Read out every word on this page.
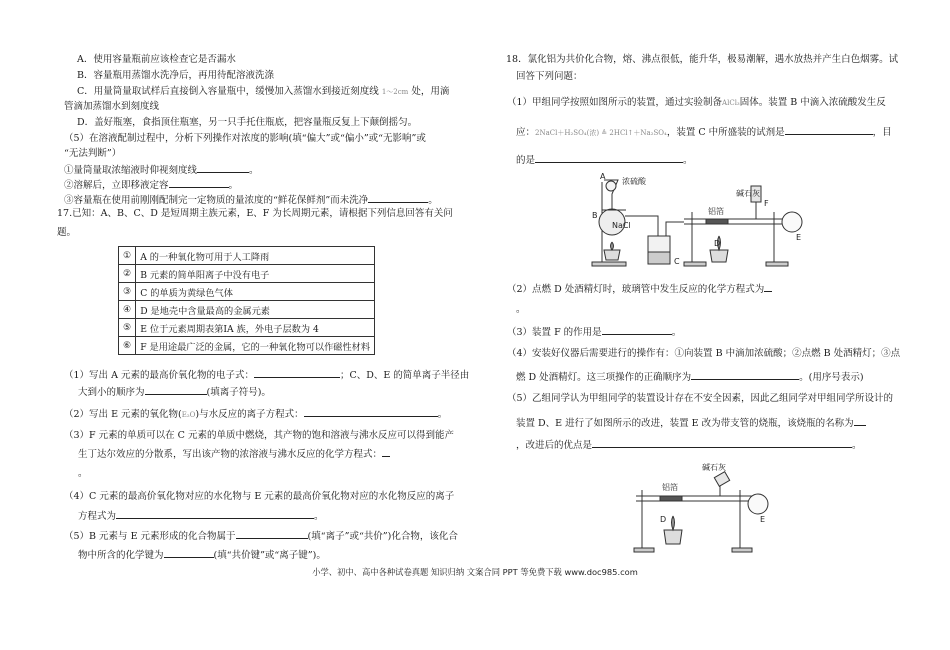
A．使用容量瓶前应该检查它是否漏水
B．容量瓶用蒸馏水洗净后，再用待配溶液洗涤
C．用量筒量取试样后直接倒入容量瓶中，缓慢加入蒸馏水到接近刻度线 1～2cm 处，用滴
管滴加蒸馏水到刻度线
D．盖好瓶塞，食指顶住瓶塞，另一只手托住瓶底，把容量瓶反复上下颠倒摇匀。
（5）在溶液配制过程中，分析下列操作对浓度的影响(填“偏大”或“偏小”或“无影响”或
“无法判断”）
①量筒量取浓缩液时仰视刻度线	。
②溶解后，立即移液定容	。
③容量瓶在使用前刚刚配制完一定物质的量浓度的“鲜花保鲜剂”而未洗净	。
17.已知：A、B、C、D 是短周期主族元素，E、F 为长周期元素，请根据下列信息回答有关问
题。
①	A 的一种氧化物可用于人工降雨
②	B 元素的简单阳离子中没有电子
③	C 的单质为黄绿色气体
④	D 是地壳中含量最高的金属元素
⑤	E 位于元素周期表第ⅠA 族，外电子层数为 4
⑥	F 是用途最广泛的金属，它的一种氧化物可以作磁性材料
（1）写出 A 元素的最高价氧化物的电子式：	；C、D、E 的简单离子半径由
大到小的顺序为	(填离子符号)。
（2）写出 E 元素的氧化物(E₂O)与水反应的离子方程式：	。
（3）F 元素的单质可以在 C 元素的单质中燃烧，其产物的饱和溶液与沸水反应可以得到能产
生丁达尔效应的分散系，写出该产物的浓溶液与沸水反应的化学方程式：
。
（4）C 元素的最高价氧化物对应的水化物与 E 元素的最高价氧化物对应的水化物反应的离子
方程式为	。
（5）B 元素与 E 元素形成的化合物属于	(填“离子”或“共价”)化合物，该化合
物中所含的化学键为	(填“共价键”或“离子键”)。
18．氯化铝为共价化合物，熔、沸点很低，能升华，极易潮解，遇水放热并产生白色烟雾。试
回答下列问题：
（1）甲组同学按照如图所示的装置，通过实验制备AlCl₃固体。装置 B 中滴入浓硫酸发生反
应：2NaCl＋H₂SO₄(浓) ≜ 2HCl↑＋Na₂SO₄，装置 C 中所盛装的试剂是	，目
的是	。
A
浓硫酸
B
NaCl
C
铝箔
D
碱石灰
F
E
（2）点燃 D 处酒精灯时，玻璃管中发生反应的化学方程式为
。
（3）装置 F 的作用是	。
（4）安装好仪器后需要进行的操作有：①向装置 B 中滴加浓硫酸；②点燃 B 处酒精灯；③点
燃 D 处酒精灯。这三项操作的正确顺序为	。(用序号表示)
（5）乙组同学认为甲组同学的装置设计存在不安全因素，因此乙组同学对甲组同学所设计的
装置 D、E 进行了如图所示的改进，装置 E 改为带支管的烧瓶，该烧瓶的名称为
，改进后的优点是	。
碱石灰
铝箔
D	E
小学、初中、高中各种试卷真题 知识归纳 文案合同 PPT 等免费下载 www.doc985.com
